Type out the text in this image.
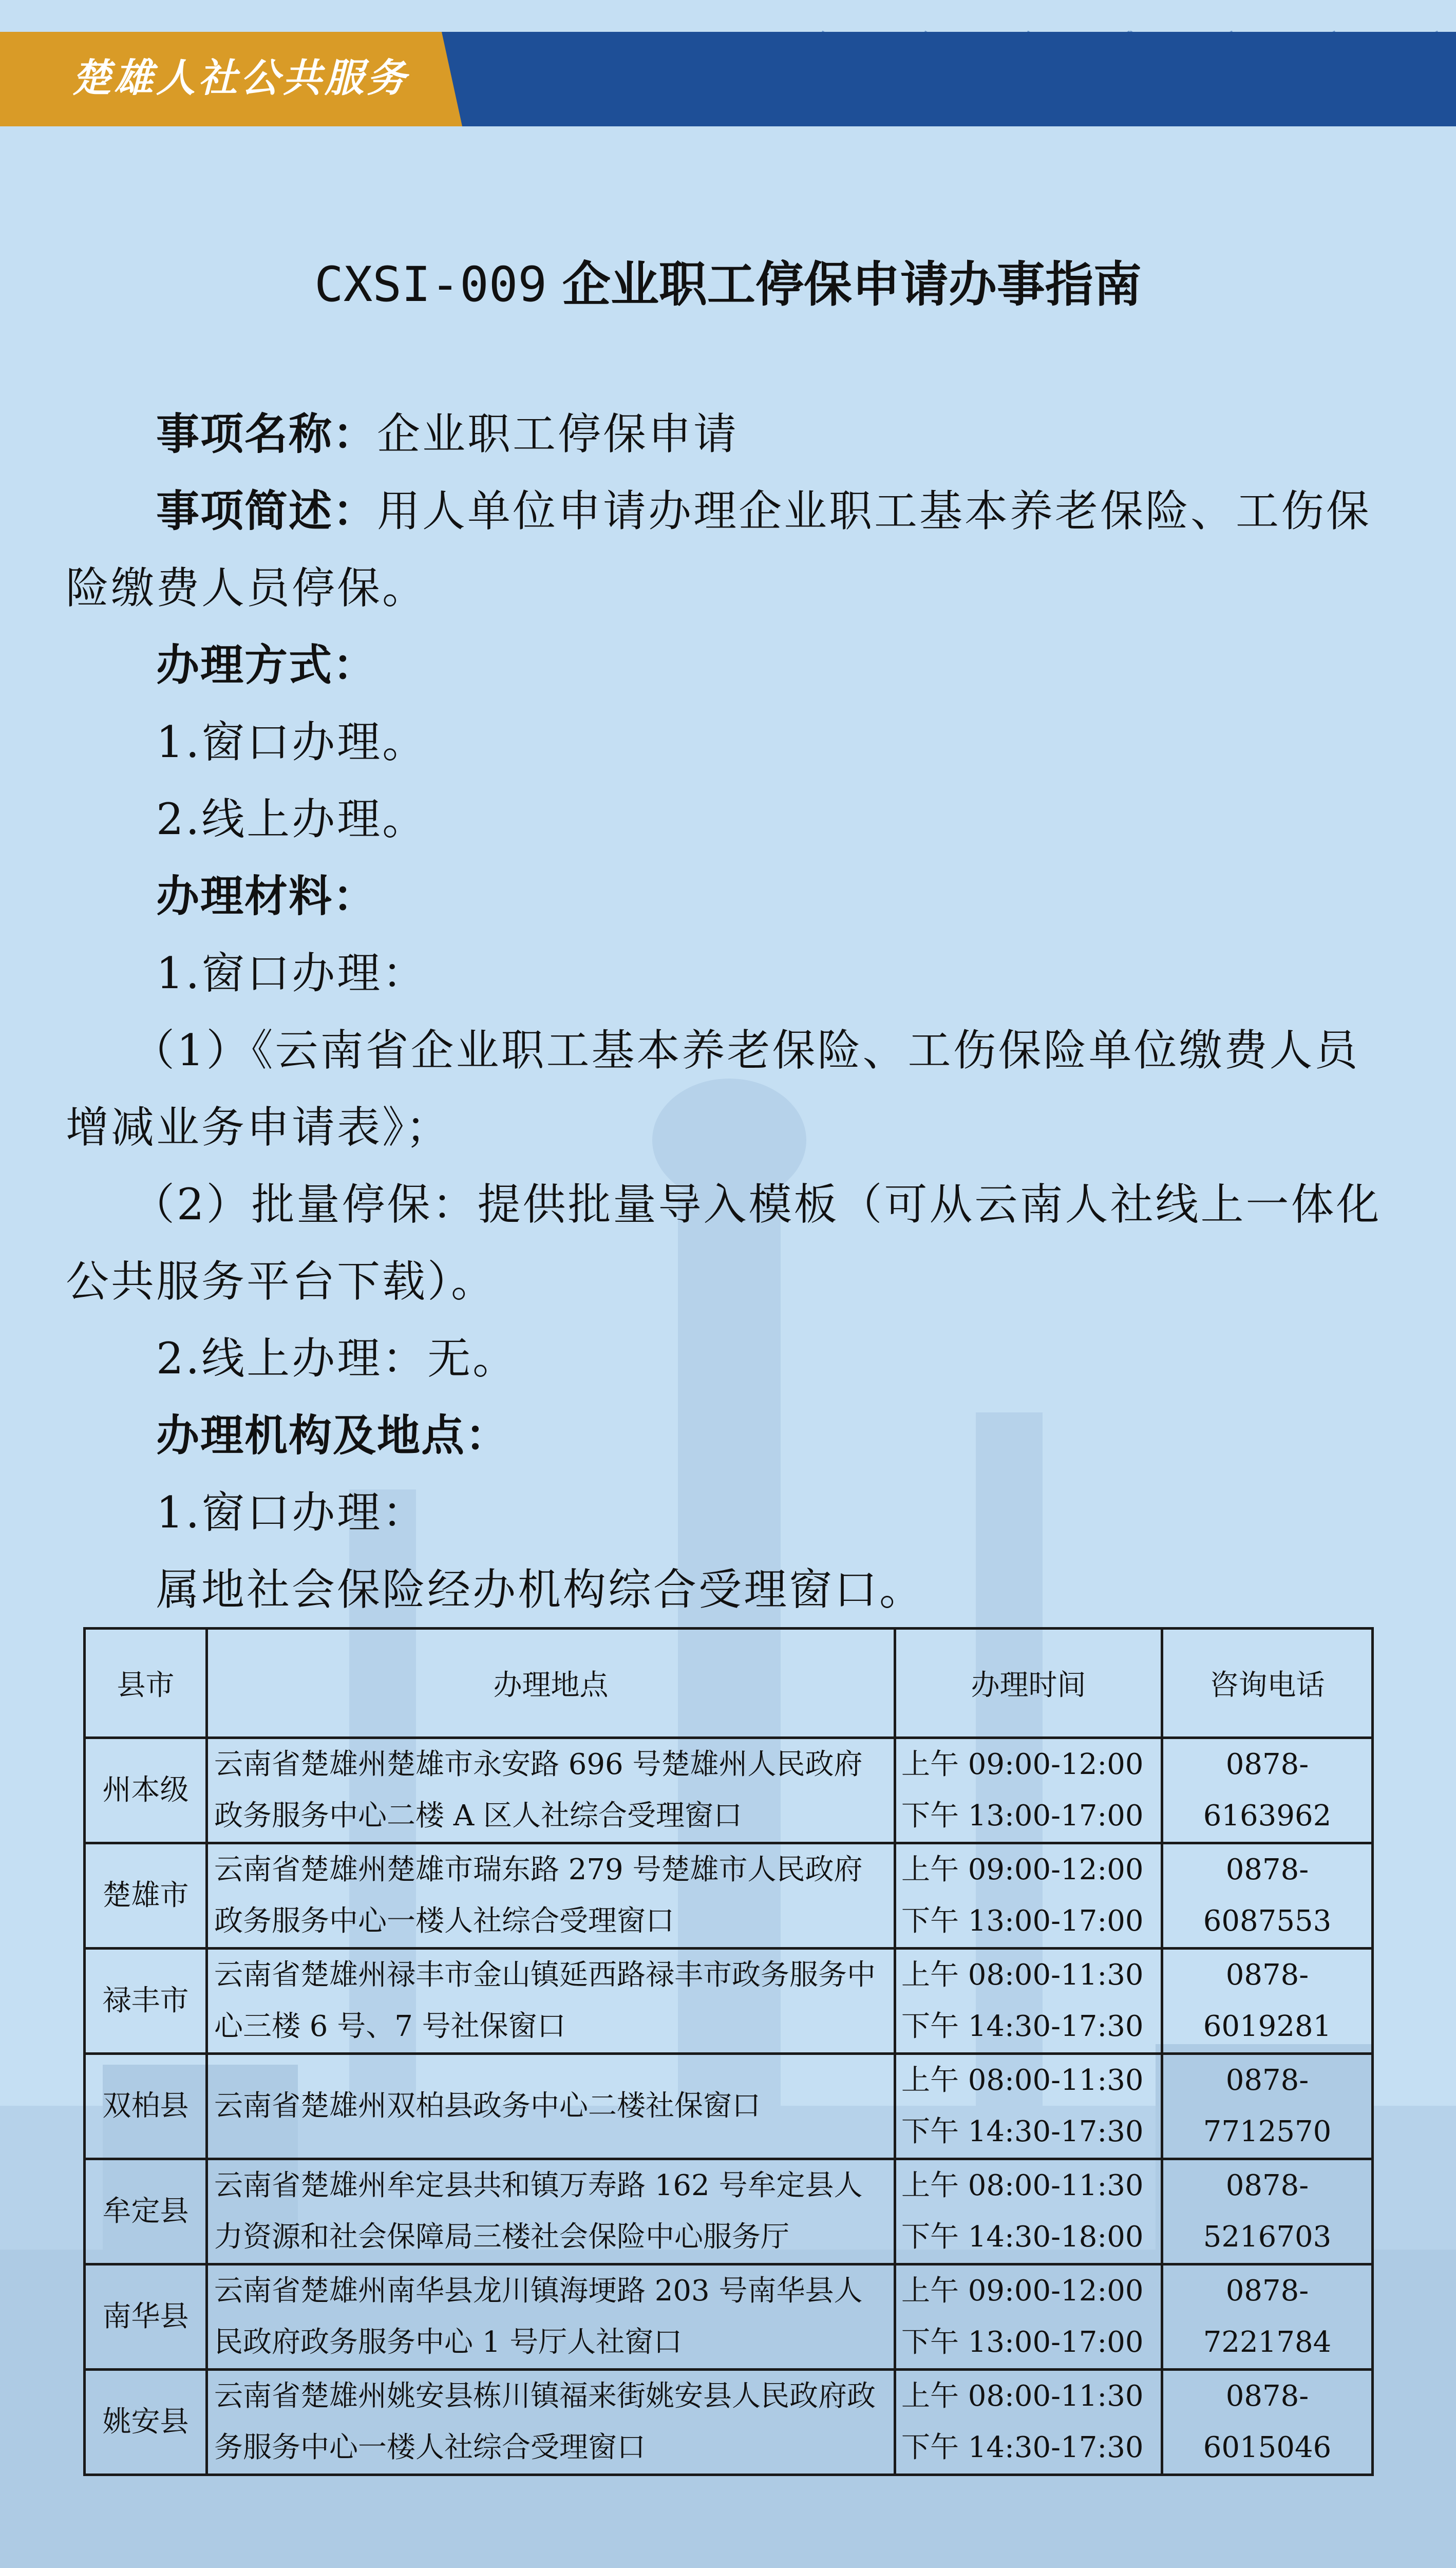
楚雄人社公共服务
CXSI-009 企业职工停保申请办事指南

事项名称：企业职工停保申请

事项简述：用人单位申请办理企业职工基本养老保险、工伤保险缴费人员停保。

办理方式：

1.窗口办理。

2.线上办理。

办理材料：

1.窗口办理：

（1）《云南省企业职工基本养老保险、工伤保险单位缴费人员增减业务申请表》；

（2）批量停保：提供批量导入模板（可从云南人社线上一体化公共服务平台下载）。

2.线上办理：无。

办理机构及地点：

1.窗口办理：

属地社会保险经办机构综合受理窗口。

县市	办理地点	办理时间	咨询电话
州本级	云南省楚雄州楚雄市永安路 696 号楚雄州人民政府政务服务中心二楼 A 区人社综合受理窗口	上午 09:00-12:00
下午 13:00-17:00	0878-6163962
楚雄市	云南省楚雄州楚雄市瑞东路 279 号楚雄市人民政府政务服务中心一楼人社综合受理窗口	上午 09:00-12:00
下午 13:00-17:00	0878-6087553
禄丰市	云南省楚雄州禄丰市金山镇延西路禄丰市政务服务中心三楼 6 号、7 号社保窗口	上午 08:00-11:30
下午 14:30-17:30	0878-6019281
双柏县	云南省楚雄州双柏县政务中心二楼社保窗口	上午 08:00-11:30
下午 14:30-17:30	0878-7712570
牟定县	云南省楚雄州牟定县共和镇万寿路 162 号牟定县人力资源和社会保障局三楼社会保险中心服务厅	上午 08:00-11:30
下午 14:30-18:00	0878-5216703
南华县	云南省楚雄州南华县龙川镇海埂路 203 号南华县人民政府政务服务中心 1 号厅人社窗口	上午 09:00-12:00
下午 13:00-17:00	0878-7221784
姚安县	云南省楚雄州姚安县栋川镇福来街姚安县人民政府政务服务中心一楼人社综合受理窗口	上午 08:00-11:30
下午 14:30-17:30	0878-6015046
